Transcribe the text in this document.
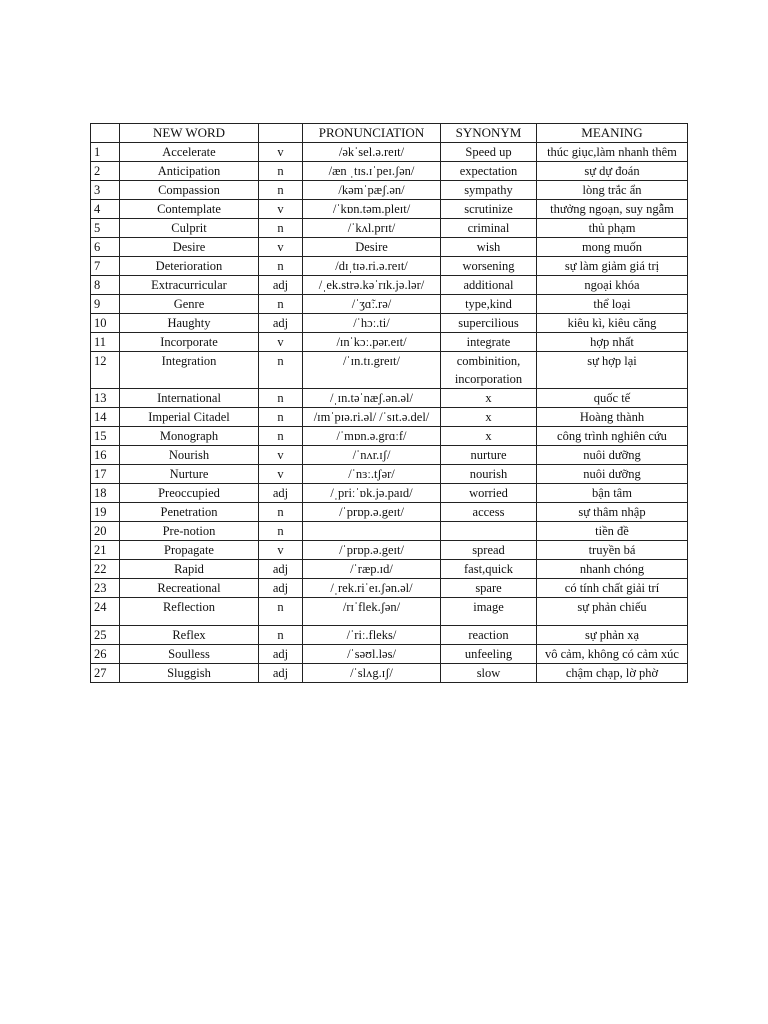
	NEW WORD		PRONUNCIATION	SYNONYM	MEANING
1	Accelerate	v	/əkˈsel.ə.reɪt/	Speed up	thúc giục,làm nhanh thêm
2	Anticipation	n	/æn ˌtɪs.ɪˈpeɪ.ʃən/	expectation	sự dự đoán
3	Compassion	n	/kəmˈpæʃ.ən/	sympathy	lòng trắc ẩn
4	Contemplate	v	/ˈkɒn.təm.pleɪt/	scrutinize	thưởng ngoạn, suy ngẫm
5	Culprit	n	/ˈkʌl.prɪt/	criminal	thủ phạm
6	Desire	v	Desire	wish	mong muốn
7	Deterioration	n	/dɪˌtɪə.ri.ə.reɪt/	worsening	sự làm giảm giá trị
8	Extracurricular	adj	/ˌek.strə.kəˈrɪk.jə.lər/	additional	ngoại khóa
9	Genre	n	/ˈʒɑ̃ː.rə/	type,kind	thể loại
10	Haughty	adj	/ˈhɔː.ti/	supercilious	kiêu kì, kiêu căng
11	Incorporate	v	/ɪnˈkɔː.pər.eɪt/	integrate	hợp nhất
12	Integration	n	/ˈɪn.tɪ.greɪt/	combinition, incorporation	sự hợp lại
13	International	n	/ˌɪn.təˈnæʃ.ən.əl/	x	quốc tế
14	Imperial Citadel	n	/ɪmˈpɪə.ri.əl/ /ˈsɪt.ə.del/	x	Hoàng thành
15	Monograph	n	/ˈmɒn.ə.grɑːf/	x	công trình nghiên cứu
16	Nourish	v	/ˈnʌr.ɪʃ/	nurture	nuôi dưỡng
17	Nurture	v	/ˈnɜː.tʃər/	nourish	nuôi dưỡng
18	Preoccupied	adj	/ˌpriːˈɒk.jə.paɪd/	worried	bận tâm
19	Penetration	n	/ˈprɒp.ə.geɪt/	access	sự thâm nhập
20	Pre-notion	n			tiền đề
21	Propagate	v	/ˈprɒp.ə.geɪt/	spread	truyền bá
22	Rapid	adj	/ˈræp.ɪd/	fast,quick	nhanh chóng
23	Recreational	adj	/ˌrek.riˈeɪ.ʃən.əl/	spare	có tính chất giải trí
24	Reflection	n	/rɪˈflek.ʃən/	image	sự phản chiếu
25	Reflex	n	/ˈriː.fleks/	reaction	sự phản xạ
26	Soulless	adj	/ˈsəʊl.ləs/	unfeeling	vô cảm, không có cảm xúc
27	Sluggish	adj	/ˈslʌg.ɪʃ/	slow	chậm chạp, lờ phờ
